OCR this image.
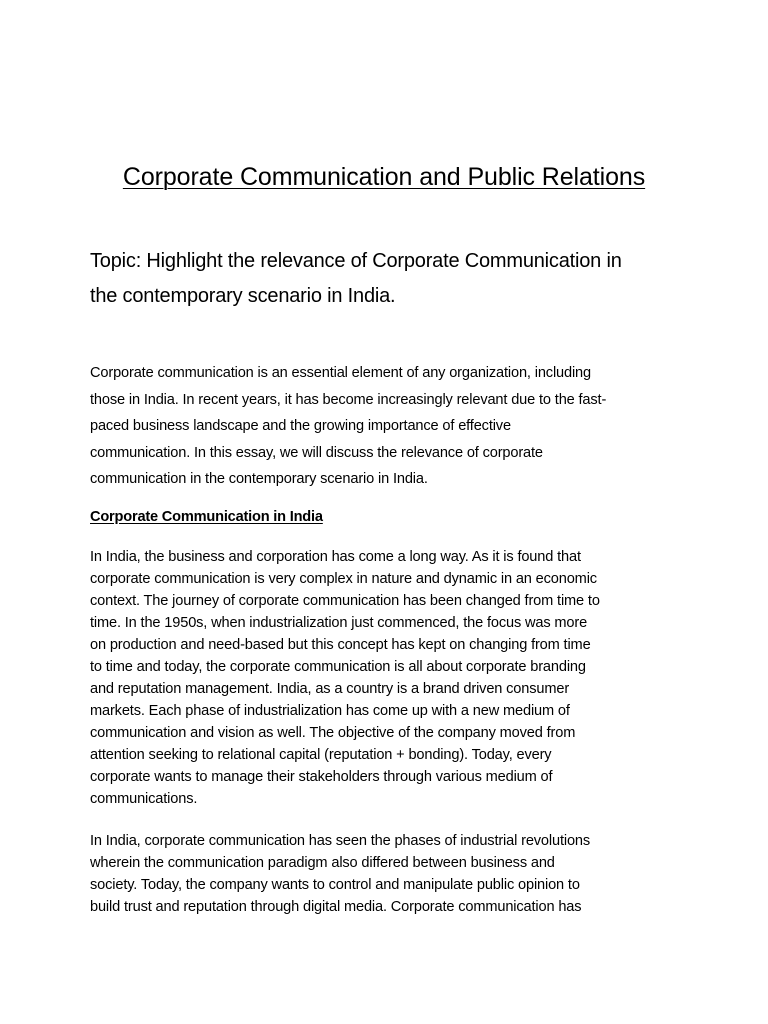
Corporate Communication and Public Relations
Topic: Highlight the relevance of Corporate Communication in
the contemporary scenario in India.
Corporate communication is an essential element of any organization, including
those in India. In recent years, it has become increasingly relevant due to the fast-
paced business landscape and the growing importance of effective
communication. In this essay, we will discuss the relevance of corporate
communication in the contemporary scenario in India.
Corporate Communication in India
In India, the business and corporation has come a long way. As it is found that
corporate communication is very complex in nature and dynamic in an economic
context. The journey of corporate communication has been changed from time to
time. In the 1950s, when industrialization just commenced, the focus was more
on production and need-based but this concept has kept on changing from time
to time and today, the corporate communication is all about corporate branding
and reputation management. India, as a country is a brand driven consumer
markets. Each phase of industrialization has come up with a new medium of
communication and vision as well. The objective of the company moved from
attention seeking to relational capital (reputation + bonding). Today, every
corporate wants to manage their stakeholders through various medium of
communications.
In India, corporate communication has seen the phases of industrial revolutions
wherein the communication paradigm also differed between business and
society. Today, the company wants to control and manipulate public opinion to
build trust and reputation through digital media. Corporate communication has
